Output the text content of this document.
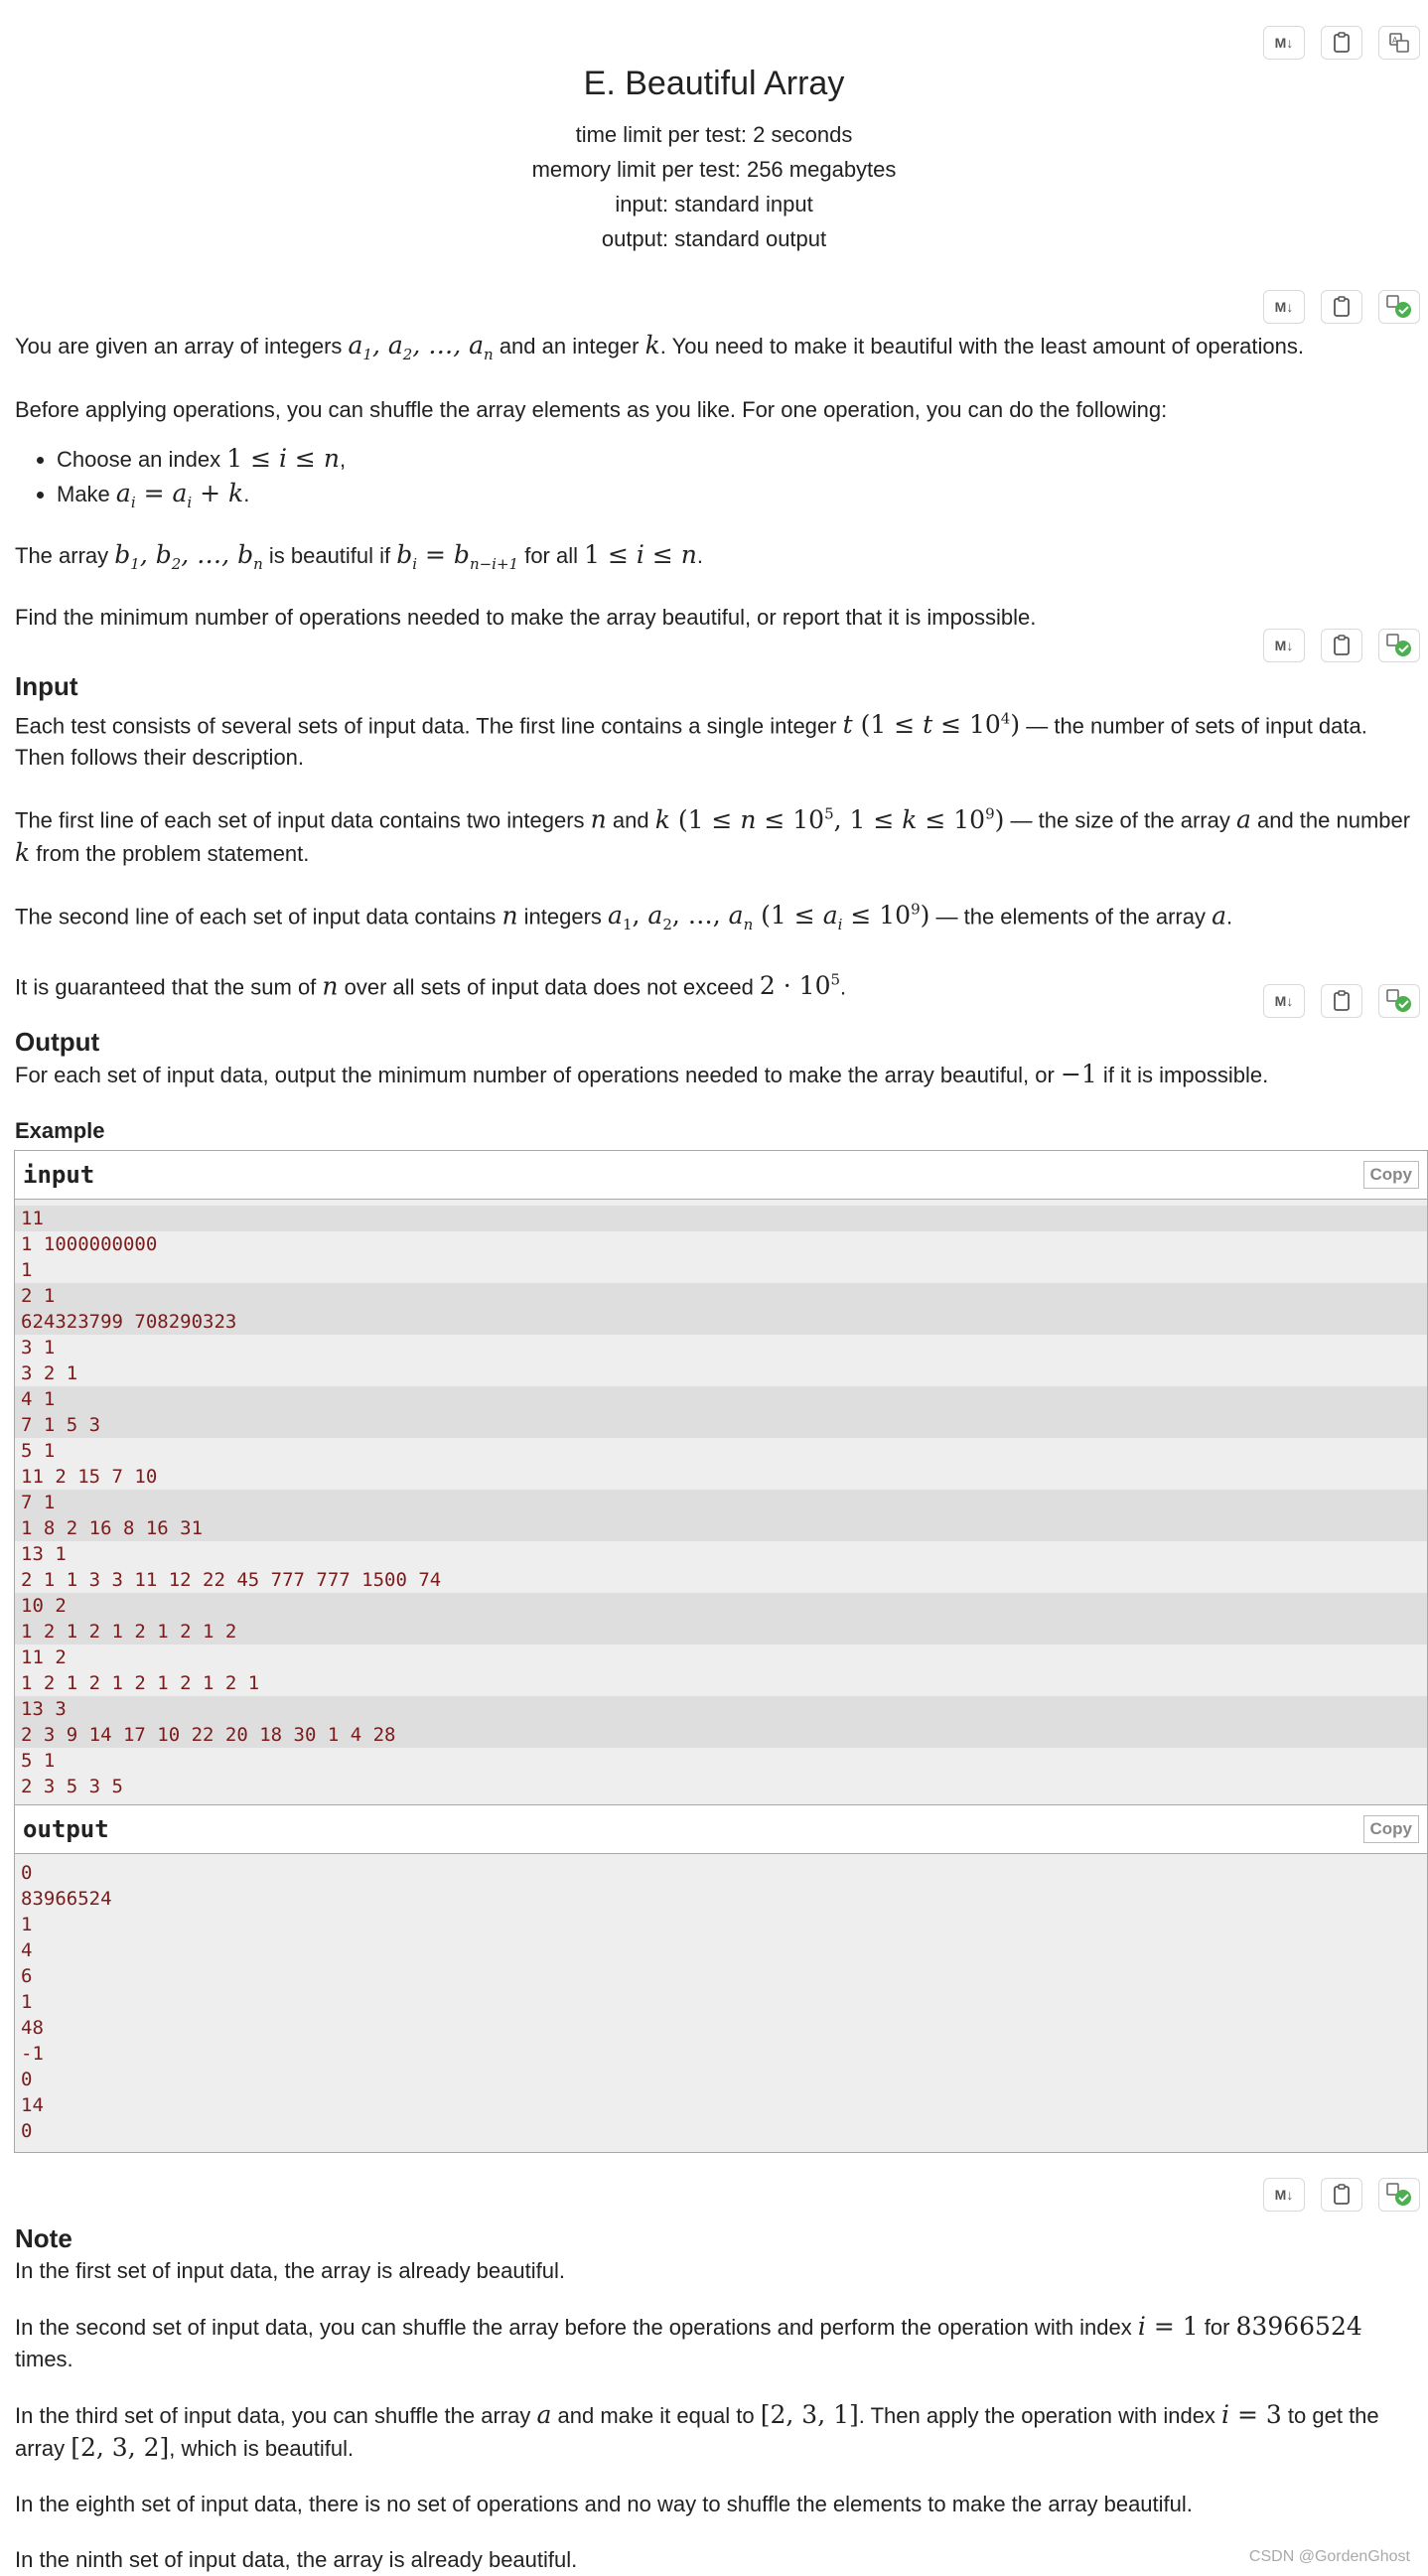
M↓	A
E. Beautiful Array
time limit per test: 2 seconds
memory limit per test: 256 megabytes
input: standard input
output: standard output
M↓
You are given an array of integers $a_1$, $a_2$, …, $a_n$ and an integer k. You need to make it beautiful with the least amount of operations.
Before applying operations, you can shuffle the array elements as you like. For one operation, you can do the following:
• Choose an index 1 ≤ i ≤ n,
• Make $a_i = a_i + k$.
The array $b_1$, $b_2$, …, $b_n$ is beautiful if $b_i = b_{n-i+1}$ for all 1 ≤ i ≤ n.
Find the minimum number of operations needed to make the array beautiful, or report that it is impossible.
M↓
Input
Each test consists of several sets of input data. The first line contains a single integer t $(1 \le t \le 10^4)$ — the number of sets of input data. Then follows their description.
The first line of each set of input data contains two integers n and k ($1 \le n \le 10^5$, $1 \le k \le 10^9$) — the size of the array a and the number k from the problem statement.
The second line of each set of input data contains n integers $a_1$, $a_2$, …, $a_n$ $(1 \le a_i \le 10^9)$ — the elements of the array a.
It is guaranteed that the sum of n over all sets of input data does not exceed $2 \cdot 10^5$.
M↓
Output
For each set of input data, output the minimum number of operations needed to make the array beautiful, or −1 if it is impossible.
Example
input	Copy
11
1 1000000000
1
2 1
624323799 708290323
3 1
3 2 1
4 1
7 1 5 3
5 1
11 2 15 7 10
7 1
1 8 2 16 8 16 31
13 1
2 1 1 3 3 11 12 22 45 777 777 1500 74
10 2
1 2 1 2 1 2 1 2 1 2
11 2
1 2 1 2 1 2 1 2 1 2 1
13 3
2 3 9 14 17 10 22 20 18 30 1 4 28
5 1
2 3 5 3 5
output	Copy
0
83966524
1
4
6
1
48
-1
0
14
0
M↓
Note
In the first set of input data, the array is already beautiful.
In the second set of input data, you can shuffle the array before the operations and perform the operation with index i = 1 for 83966524 times.
In the third set of input data, you can shuffle the array a and make it equal to [2, 3, 1]. Then apply the operation with index i = 3 to get the array [2, 3, 2], which is beautiful.
In the eighth set of input data, there is no set of operations and no way to shuffle the elements to make the array beautiful.
In the ninth set of input data, the array is already beautiful.	CSDN @GordenGhost
